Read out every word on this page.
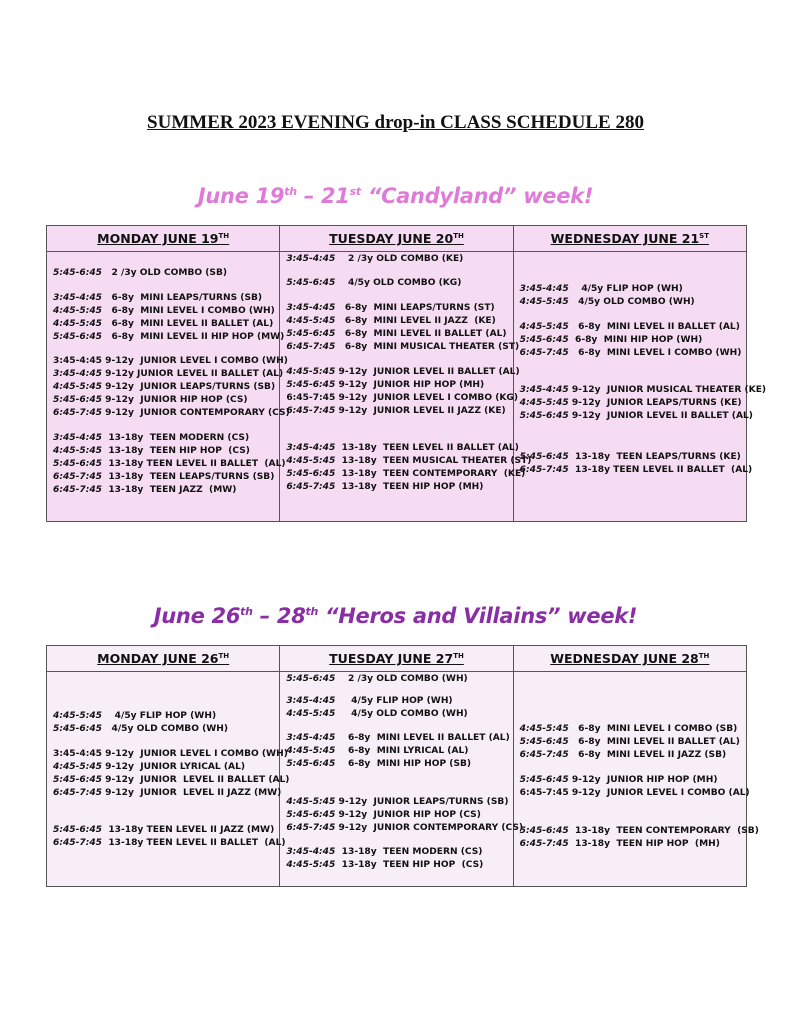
SUMMER 2023 EVENING drop-in CLASS SCHEDULE 280
June 19th – 21st “Candyland” week!
MONDAY JUNE 19TH
5:45-6:45   2 /3y OLD COMBO (SB)
3:45-4:45   6-8y  MINI LEAPS/TURNS (SB)
4:45-5:45   6-8y  MINI LEVEL I COMBO (WH)
4:45-5:45   6-8y  MINI LEVEL II BALLET (AL)
5:45-6:45   6-8y  MINI LEVEL II HIP HOP (MW)
3:45-4:45 9-12y  JUNIOR LEVEL I COMBO (WH)
3:45-4:45 9-12y JUNIOR LEVEL II BALLET (AL)
4:45-5:45 9-12y  JUNIOR LEAPS/TURNS (SB)
5:45-6:45 9-12y  JUNIOR HIP HOP (CS)
6:45-7:45 9-12y  JUNIOR CONTEMPORARY (CS)
3:45-4:45  13-18y  TEEN MODERN (CS)
4:45-5:45  13-18y  TEEN HIP HOP  (CS)
5:45-6:45  13-18y TEEN LEVEL II BALLET  (AL)
6:45-7:45  13-18y  TEEN LEAPS/TURNS (SB)
6:45-7:45  13-18y  TEEN JAZZ  (MW)
TUESDAY JUNE 20TH
3:45-4:45    2 /3y OLD COMBO (KE)
5:45-6:45    4/5y OLD COMBO (KG)
3:45-4:45   6-8y  MINI LEAPS/TURNS (ST)
4:45-5:45   6-8y  MINI LEVEL II JAZZ  (KE)
5:45-6:45   6-8y  MINI LEVEL II BALLET (AL)
6:45-7:45   6-8y  MINI MUSICAL THEATER (ST)
4:45-5:45 9-12y  JUNIOR LEVEL II BALLET (AL)
5:45-6:45 9-12y  JUNIOR HIP HOP (MH)
6:45-7:45 9-12y  JUNIOR LEVEL I COMBO (KG)
6:45-7:45 9-12y  JUNIOR LEVEL II JAZZ (KE)
3:45-4:45  13-18y  TEEN LEVEL II BALLET (AL)
4:45-5:45  13-18y  TEEN MUSICAL THEATER (ST)
5:45-6:45  13-18y  TEEN CONTEMPORARY  (KE)
6:45-7:45  13-18y  TEEN HIP HOP (MH)
WEDNESDAY JUNE 21ST
3:45-4:45    4/5y FLIP HOP (WH)
4:45-5:45   4/5y OLD COMBO (WH)
4:45-5:45   6-8y  MINI LEVEL II BALLET (AL)
5:45-6:45  6-8y  MINI HIP HOP (WH)
6:45-7:45   6-8y  MINI LEVEL I COMBO (WH)
3:45-4:45 9-12y  JUNIOR MUSICAL THEATER (KE)
4:45-5:45 9-12y  JUNIOR LEAPS/TURNS (KE)
5:45-6:45 9-12y  JUNIOR LEVEL II BALLET (AL)
5:45-6:45  13-18y  TEEN LEAPS/TURNS (KE)
6:45-7:45  13-18y TEEN LEVEL II BALLET  (AL)
June 26th – 28th “Heros and Villains” week!
MONDAY JUNE 26TH
4:45-5:45    4/5y FLIP HOP (WH)
5:45-6:45   4/5y OLD COMBO (WH)
3:45-4:45 9-12y  JUNIOR LEVEL I COMBO (WH)
4:45-5:45 9-12y  JUNIOR LYRICAL (AL)
5:45-6:45 9-12y  JUNIOR  LEVEL II BALLET (AL)
6:45-7:45 9-12y  JUNIOR  LEVEL II JAZZ (MW)
5:45-6:45  13-18y TEEN LEVEL II JAZZ (MW)
6:45-7:45  13-18y TEEN LEVEL II BALLET  (AL)
TUESDAY JUNE 27TH
5:45-6:45    2 /3y OLD COMBO (WH)
3:45-4:45     4/5y FLIP HOP (WH)
4:45-5:45     4/5y OLD COMBO (WH)
3:45-4:45    6-8y  MINI LEVEL II BALLET (AL)
4:45-5:45    6-8y  MINI LYRICAL (AL)
5:45-6:45    6-8y  MINI HIP HOP (SB)
4:45-5:45 9-12y  JUNIOR LEAPS/TURNS (SB)
5:45-6:45 9-12y  JUNIOR HIP HOP (CS)
6:45-7:45 9-12y  JUNIOR CONTEMPORARY (CS)
3:45-4:45  13-18y  TEEN MODERN (CS)
4:45-5:45  13-18y  TEEN HIP HOP  (CS)
WEDNESDAY JUNE 28TH
4:45-5:45   6-8y  MINI LEVEL I COMBO (SB)
5:45-6:45   6-8y  MINI LEVEL II BALLET (AL)
6:45-7:45   6-8y  MINI LEVEL II JAZZ (SB)
5:45-6:45 9-12y  JUNIOR HIP HOP (MH)
6:45-7:45 9-12y  JUNIOR LEVEL I COMBO (AL)
5:45-6:45  13-18y  TEEN CONTEMPORARY  (SB)
6:45-7:45  13-18y  TEEN HIP HOP  (MH)
